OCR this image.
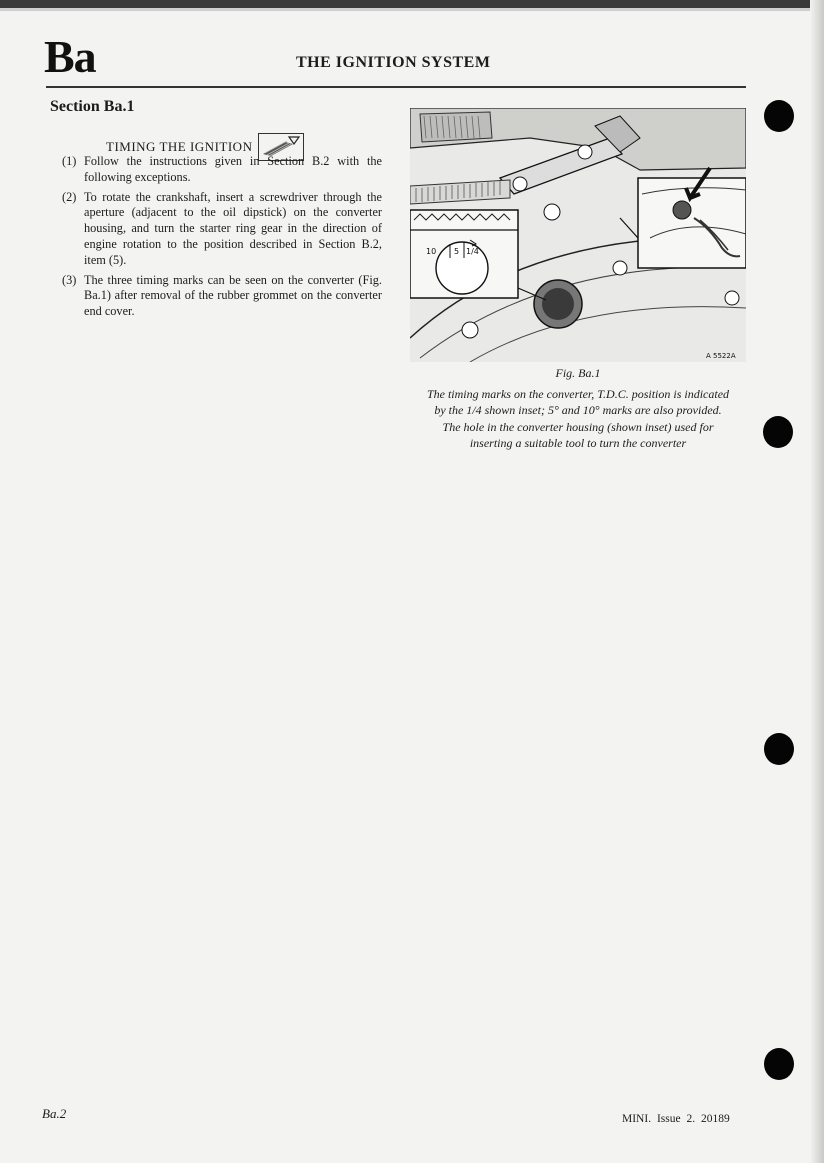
Ba	THE IGNITION SYSTEM
Section Ba.1
TIMING THE IGNITION
(1) Follow the instructions given in Section B.2 with the following exceptions.
(2) To rotate the crankshaft, insert a screwdriver through the aperture (adjacent to the oil dipstick) on the converter housing, and turn the starter ring gear in the direction of engine rotation to the position described in Section B.2, item (5).
(3) The three timing marks can be seen on the converter (Fig. Ba.1) after removal of the rubber grommet on the converter end cover.
10 5 1/4
A 5522A
Fig. Ba.1
The timing marks on the converter, T.D.C. position is indicated by the 1/4 shown inset; 5° and 10° marks are also provided. The hole in the converter housing (shown inset) used for inserting a suitable tool to turn the converter
Ba.2	MINI. Issue 2. 20189
